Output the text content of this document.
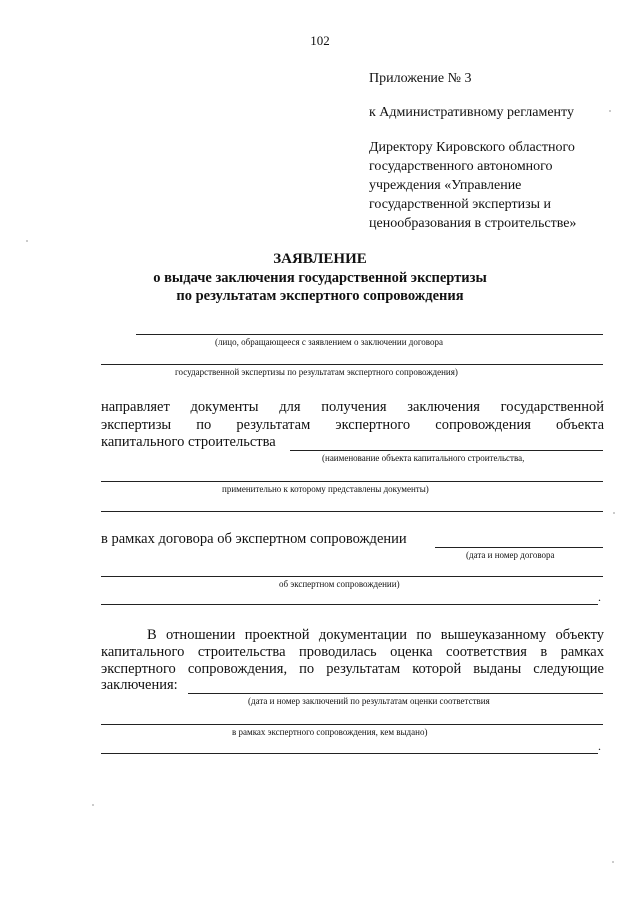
102
Приложение № 3
к Административному регламенту
Директору Кировского областного
государственного автономного
учреждения «Управление
государственной экспертизы и
ценообразования в строительстве»
ЗАЯВЛЕНИЕ
о выдаче заключения государственной экспертизы
по результатам экспертного сопровождения
(лицо, обращающееся с заявлением о заключении договора
государственной экспертизы по результатам экспертного сопровождения)
направляет документы для получения заключения государственной
экспертизы по результатам экспертного сопровождения объекта
капитального строительства
(наименование объекта капитального строительства,
применительно к которому представлены документы)
в рамках договора об экспертном сопровождении
(дата и номер договора
об экспертном сопровождении)
.
В отношении проектной документации по вышеуказанному объекту
капитального строительства проводилась оценка соответствия в рамках
экспертного сопровождения, по результатам которой выданы следующие
заключения:
(дата и номер заключений по результатам оценки соответствия
в рамках экспертного сопровождения, кем выдано)
.
